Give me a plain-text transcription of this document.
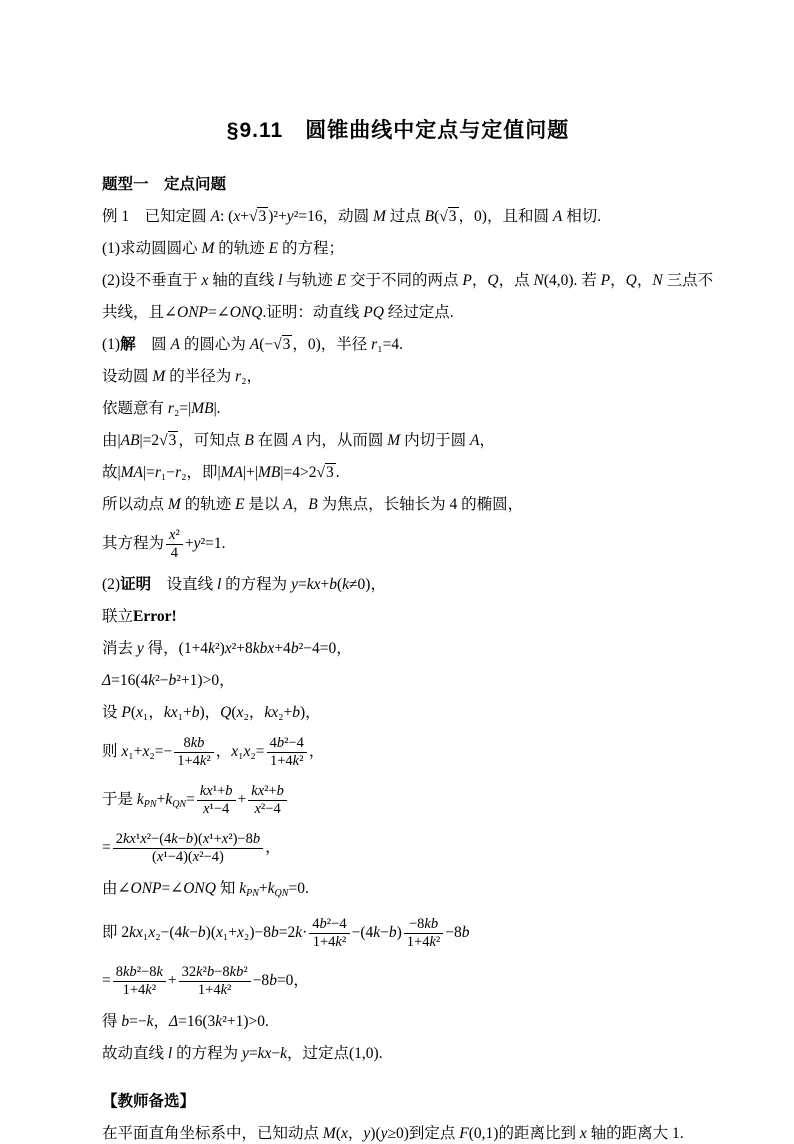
§9.11　圆锥曲线中定点与定值问题

题型一　定点问题

例 1　已知定圆 A: (x+√3 )²+y²=16，动圆 M 过点 B(√3 ，0)，且和圆 A 相切.

(1)求动圆圆心 M 的轨迹 E 的方程；

(2)设不垂直于 x 轴的直线 l 与轨迹 E 交于不同的两点 P，Q，点 N(4,0). 若 P，Q，N 三点不

共线，且∠ONP=∠ONQ.证明：动直线 PQ 经过定点.

(1)解　圆 A 的圆心为 A(−√3 ，0)，半径 r₁=4.

设动圆 M 的半径为 r₂，

依题意有 r₂=|MB|.

由|AB|=2√3 ，可知点 B 在圆 A 内，从而圆 M 内切于圆 A，

故|MA|=r₁−r₂，即|MA|+|MB|=4>2√3 .

所以动点 M 的轨迹 E 是以 A，B 为焦点，长轴长为 4 的椭圆，

其方程为 $\frac{\text{x²}}{4} +y^2=1$.

(2)证明　设直线 l 的方程为 y=kx+b(k≠0)，

联立Error!

消去 y 得，(1+4k²)x²+8kbx+4b²−4=0，

Δ=16(4k²−b²+1)>0，

设 P(x₁，kx₁+b)，Q(x₂，kx₂+b)，

则 $x_1+x_2=- \frac{8kb}{\text{1+4k²}}$ ，$x_1x_2= \frac{\text{4b²−4}}{\text{1+4k²}}$ ，

于是 $k_{PN}+k_{QN}= \frac{\text{kx¹+b}}{\text{x¹−4}} + \frac{\text{kx²+b}}{\text{x²−4}}$

= $\frac{\text{2kx¹x²−(4k−b)(x¹+x²)−8b}}{\text{(x¹−4)(x²−4)}}$ ，

由∠ONP=∠ONQ 知 $k_{PN}+k_{QN}=0$.

即 $2kx_1x_2-(4k-b)(x_1+x_2)-8b=2k\cdot \frac{\text{4b²−4}}{\text{1+4k²}} -(4k-b) \frac{-8kb}{\text{1+4k²}} -8b$

= $\frac{\text{8kb²−8k}}{\text{1+4k²}} + \frac{\text{32k²b−8kb²}}{\text{1+4k²}} -8b=0$，

得 b=−k，Δ=16(3k²+1)>0.

故动直线 l 的方程为 y=kx−k，过定点(1,0).

【教师备选】

在平面直角坐标系中，已知动点 M(x，y)(y≥0)到定点 F(0,1)的距离比到 x 轴的距离大 1.
